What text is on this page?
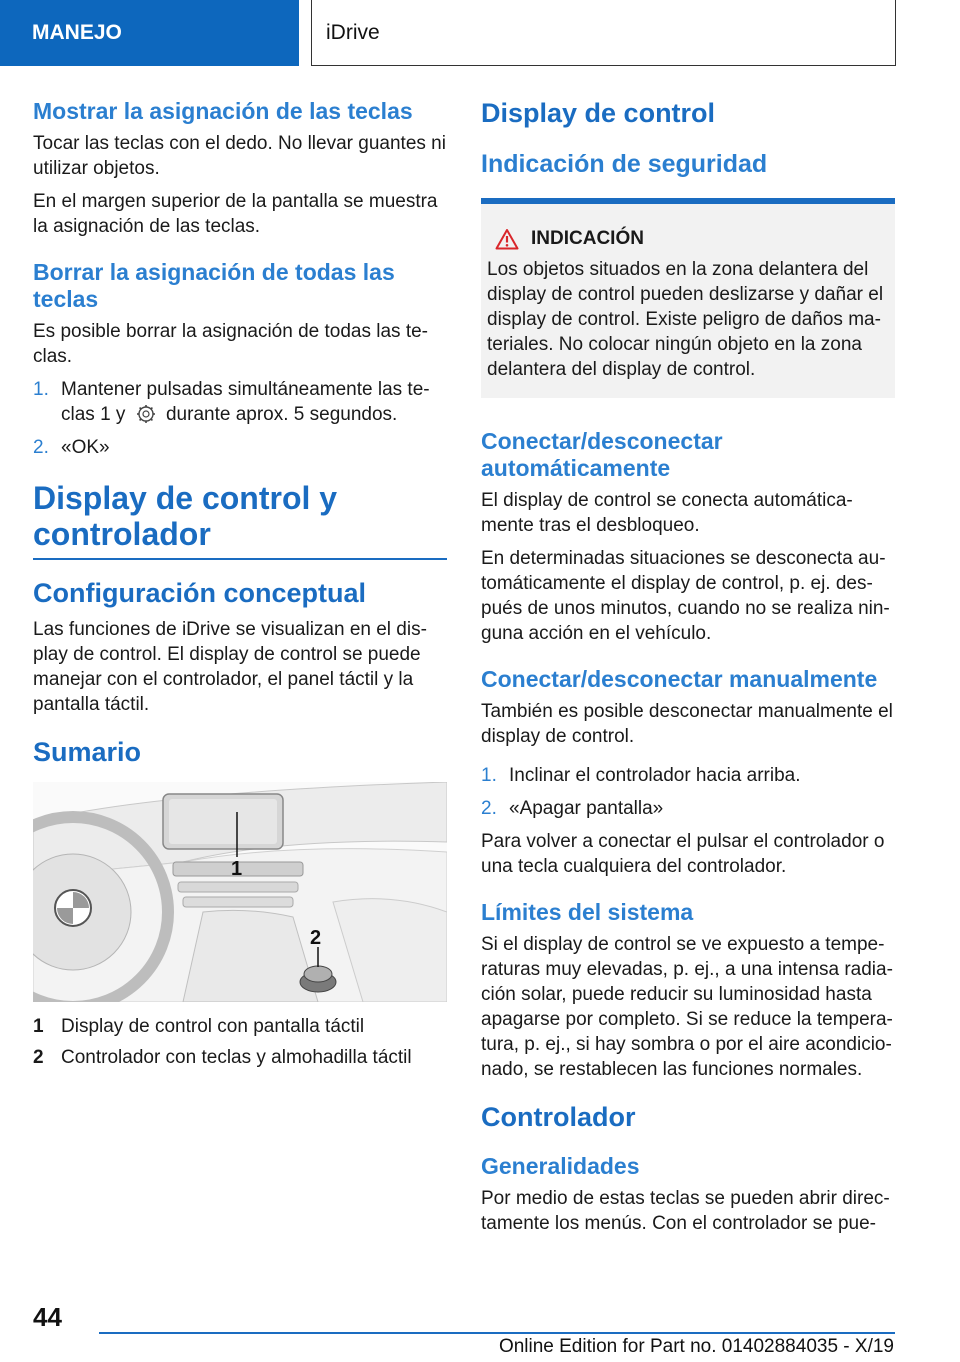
MANEJO	iDrive
Mostrar la asignación de las teclas

Tocar las teclas con el dedo. No llevar guantes ni utilizar objetos.

En el margen superior de la pantalla se muestra la asignación de las teclas.

Borrar la asignación de todas las teclas

Es posible borrar la asignación de todas las te‐ clas.

1. Mantener pulsadas simultáneamente las te‐ clas 1 y durante aprox. 5 segundos.
2. «OK»
Display de control y controlador
Configuración conceptual

Las funciones de iDrive se visualizan en el dis‐ play de control. El display de control se puede manejar con el controlador, el panel táctil y la pantalla táctil.

Sumario
1
2
1 Display de control con pantalla táctil
2 Controlador con teclas y almohadilla táctil
Display de control
Indicación de seguridad
INDICACIÓN

Los objetos situados en la zona delantera del display de control pueden deslizarse y dañar el display de control. Existe peligro de daños ma‐ teriales. No colocar ningún objeto en la zona delantera del display de control.

Conectar/desconectar automáticamente

El display de control se conecta automática‐ mente tras el desbloqueo.

En determinadas situaciones se desconecta au‐ tomáticamente el display de control, p. ej. des‐ pués de unos minutos, cuando no se realiza nin‐ guna acción en el vehículo.

Conectar/desconectar manualmente

También es posible desconectar manualmente el display de control.

1. Inclinar el controlador hacia arriba.
2. «Apagar pantalla»

Para volver a conectar el pulsar el controlador o una tecla cualquiera del controlador.

Límites del sistema

Si el display de control se ve expuesto a tempe‐ raturas muy elevadas, p. ej., a una intensa radia‐ ción solar, puede reducir su luminosidad hasta apagarse por completo. Si se reduce la tempera‐ tura, p. ej., si hay sombra o por el aire acondicio‐ nado, se restablecen las funciones normales.

Controlador
Generalidades

Por medio de estas teclas se pueden abrir direc‐ tamente los menús. Con el controlador se pue‐

44
Online Edition for Part no. 01402884035 - X/19
